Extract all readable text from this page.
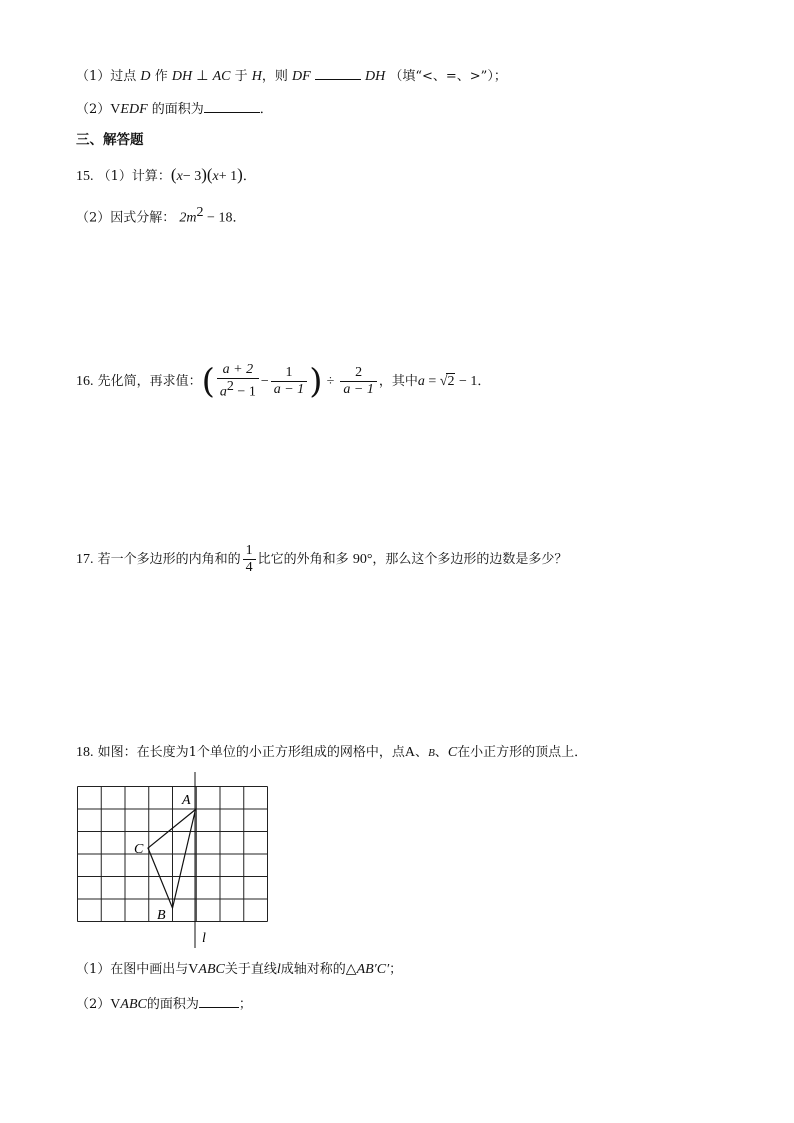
（1）过点 D 作 DH ⊥ AC 于 H，则 DF	DH （填“<、=、>”）；
（2）VEDF 的面积为	．
三、解答题
15. （1）计算：(x− 3)(x+ 1)．
（2）因式分解： $2m^2 - 18$．
16. 先化简，再求值：( $\frac{a + 2}{a^2 - 1} - \frac{1}{a - 1}$ ) ÷ $\frac{2}{a - 1}$ ，其中a = √2 − 1．
17. 若一个多边形的内角和的 $\frac{1}{4}$ 比它的外角和多 90°，那么这个多边形的边数是多少？
18. 如图：在长度为1个单位的小正方形组成的网格中，点A、B、C在小正方形的顶点上．
A
C
B
l
（1）在图中画出与VABC关于直线l成轴对称的△AB′C′；
（2）VABC的面积为	；
